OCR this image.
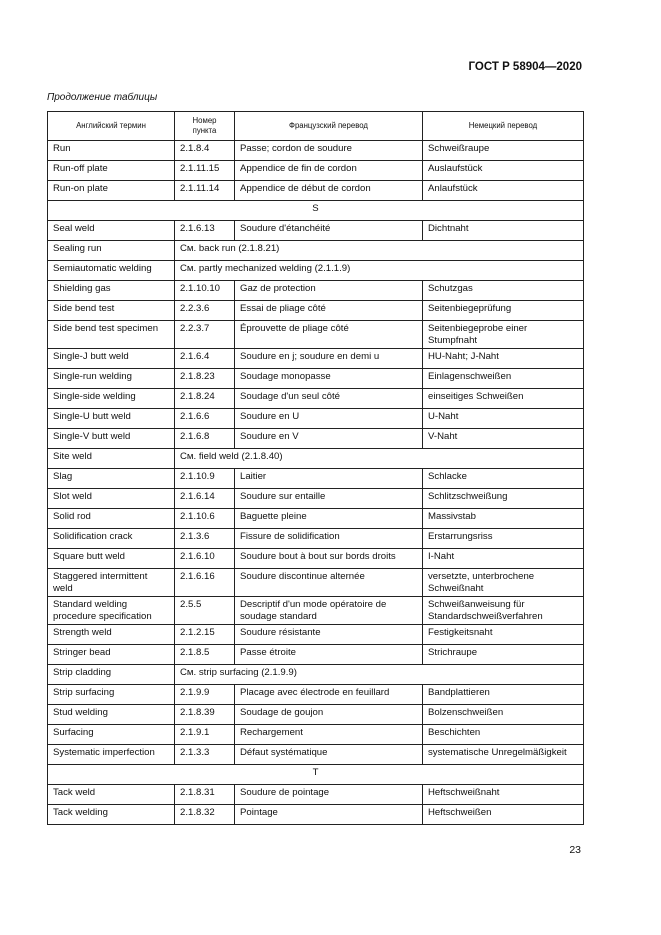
ГОСТ Р 58904—2020
Продолжение таблицы
Английский термин	Номер пункта	Французский перевод	Немецкий перевод
Run	2.1.8.4	Passe; cordon de soudure	Schweißraupe
Run-off plate	2.1.11.15	Appendice de fin de cordon	Auslaufstück
Run-on plate	2.1.11.14	Appendice de début de cordon	Anlaufstück
S			
Seal weld	2.1.6.13	Soudure d'étanchéité	Dichtnaht
Sealing run	См. back run (2.1.8.21)		
Semiautomatic welding	См. partly mechanized welding (2.1.1.9)		
Shielding gas	2.1.10.10	Gaz de protection	Schutzgas
Side bend test	2.2.3.6	Essai de pliage côté	Seitenbiegeprüfung
Side bend test specimen	2.2.3.7	Éprouvette de pliage côté	Seitenbiegeprobe einer Stumpfnaht
Single-J butt weld	2.1.6.4	Soudure en j; soudure en demi u	HU-Naht; J-Naht
Single-run welding	2.1.8.23	Soudage monopasse	Einlagenschweißen
Single-side welding	2.1.8.24	Soudage d'un seul côté	einseitiges Schweißen
Single-U butt weld	2.1.6.6	Soudure en U	U-Naht
Single-V butt weld	2.1.6.8	Soudure en V	V-Naht
Site weld	См. field weld (2.1.8.40)		
Slag	2.1.10.9	Laitier	Schlacke
Slot weld	2.1.6.14	Soudure sur entaille	Schlitzschweißung
Solid rod	2.1.10.6	Baguette pleine	Massivstab
Solidification crack	2.1.3.6	Fissure de solidification	Erstarrungsriss
Square butt weld	2.1.6.10	Soudure bout à bout sur bords droits	I-Naht
Staggered intermittent weld	2.1.6.16	Soudure discontinue alternée	versetzte, unterbrochene Schweißnaht
Standard welding procedure specification	2.5.5	Descriptif d'un mode opératoire de soudage standard	Schweißanweisung für Standardschweißverfahren
Strength weld	2.1.2.15	Soudure résistante	Festigkeitsnaht
Stringer bead	2.1.8.5	Passe étroite	Strichraupe
Strip cladding	См. strip surfacing (2.1.9.9)		
Strip surfacing	2.1.9.9	Placage avec électrode en feuillard	Bandplattieren
Stud welding	2.1.8.39	Soudage de goujon	Bolzenschweißen
Surfacing	2.1.9.1	Rechargement	Beschichten
Systematic imperfection	2.1.3.3	Défaut systématique	systematische Unregelmäßigkeit
T			
Tack weld	2.1.8.31	Soudure de pointage	Heftschweißnaht
Tack welding	2.1.8.32	Pointage	Heftschweißen
23
